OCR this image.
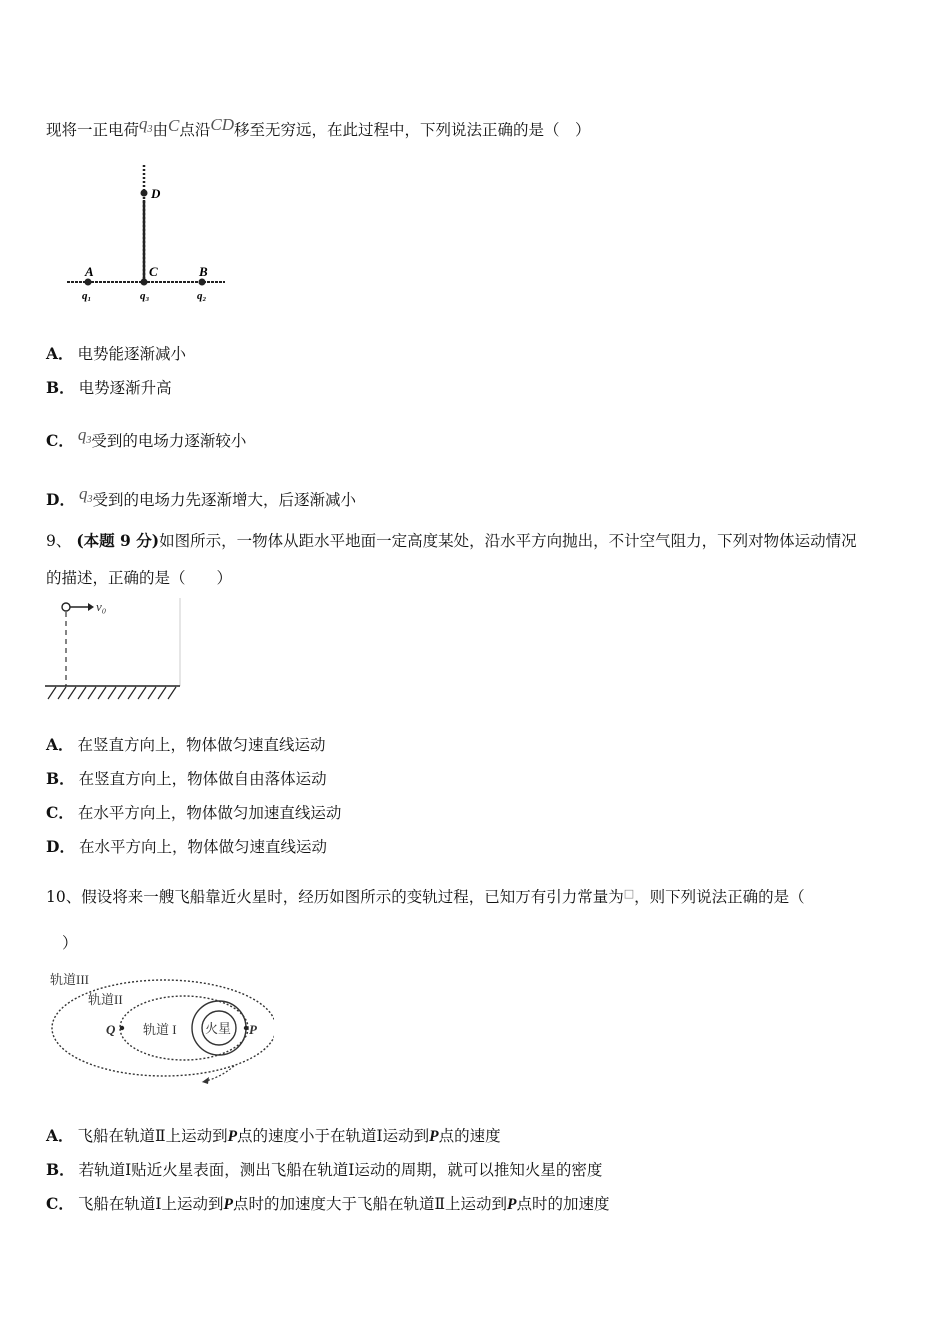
现将一正电荷$q_3$由C点沿CD移至无穷远，在此过程中，下列说法正确的是（　）
D
C
A	B
q₁	q₃	q₂
A． 电势能逐渐减小
B． 电势逐渐升高
C． $q_3$受到的电场力逐渐较小
D． $q_3$受到的电场力先逐渐增大，后逐渐减小
9、 (本题 9 分)如图所示，一物体从距水平地面一定高度某处，沿水平方向抛出，不计空气阻力，下列对物体运动情况
的描述，正确的是（　　）
v₀
A． 在竖直方向上，物体做匀速直线运动
B． 在竖直方向上，物体做自由落体运动
C． 在水平方向上，物体做匀加速直线运动
D． 在水平方向上，物体做匀速直线运动
10、假设将来一艘飞船靠近火星时，经历如图所示的变轨过程，已知万有引力常量为□，则下列说法正确的是（
）
轨道III
轨道II
轨道 I 火星
Q	P
A． 飞船在轨道Ⅱ上运动到P点的速度小于在轨道Ⅰ运动到P点的速度
B． 若轨道Ⅰ贴近火星表面，测出飞船在轨道Ⅰ运动的周期，就可以推知火星的密度
C． 飞船在轨道Ⅰ上运动到P点时的加速度大于飞船在轨道Ⅱ上运动到P点时的加速度
